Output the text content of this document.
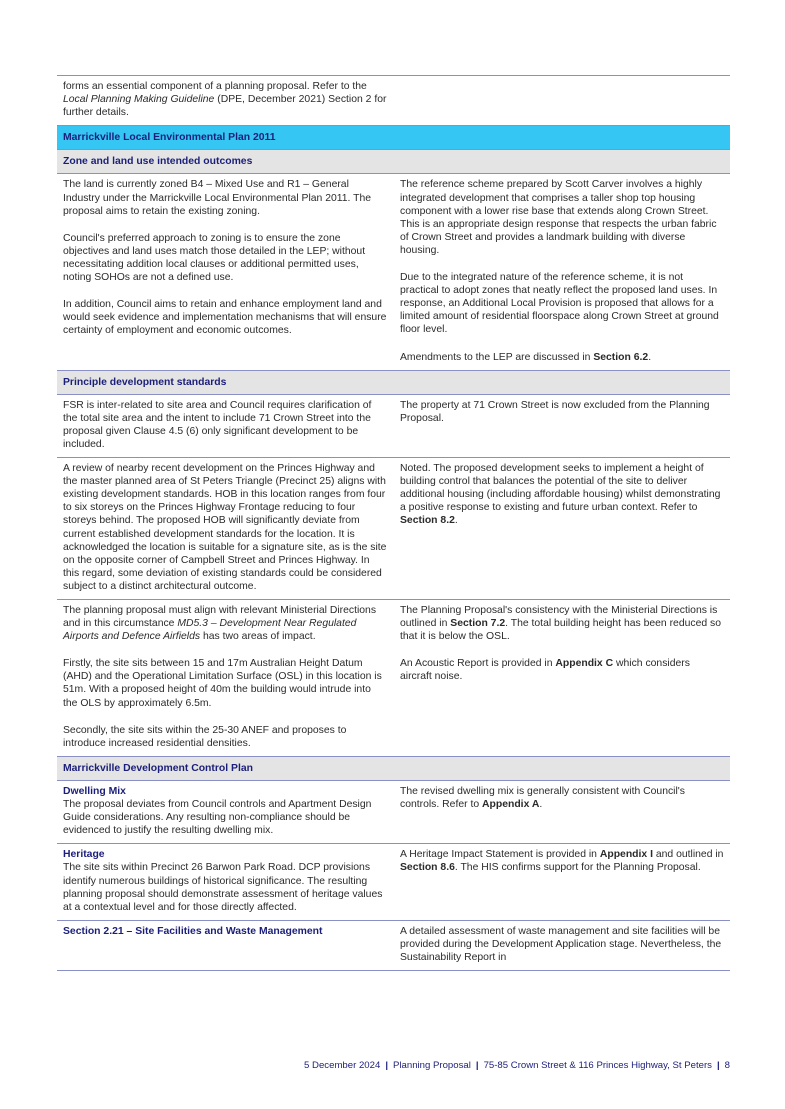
forms an essential component of a planning proposal. Refer to the Local Planning Making Guideline (DPE, December 2021) Section 2 for further details.

Marrickville Local Environmental Plan 2011
Zone and land use intended outcomes

The land is currently zoned B4 – Mixed Use and R1 – General Industry under the Marrickville Local Environmental Plan 2011. The proposal aims to retain the existing zoning.

Council's preferred approach to zoning is to ensure the zone objectives and land uses match those detailed in the LEP; without necessitating addition local clauses or additional permitted uses, noting SOHOs are not a defined use.

In addition, Council aims to retain and enhance employment land and would seek evidence and implementation mechanisms that will ensure certainty of employment and economic outcomes.

The reference scheme prepared by Scott Carver involves a highly integrated development that comprises a taller shop top housing component with a lower rise base that extends along Crown Street. This is an appropriate design response that respects the urban fabric of Crown Street and provides a landmark building with diverse housing.

Due to the integrated nature of the reference scheme, it is not practical to adopt zones that neatly reflect the proposed land uses. In response, an Additional Local Provision is proposed that allows for a limited amount of residential floorspace along Crown Street at ground floor level.

Amendments to the LEP are discussed in Section 6.2.

Principle development standards

FSR is inter-related to site area and Council requires clarification of the total site area and the intent to include 71 Crown Street into the proposal given Clause 4.5 (6) only significant development to be included.

The property at 71 Crown Street is now excluded from the Planning Proposal.

A review of nearby recent development on the Princes Highway and the master planned area of St Peters Triangle (Precinct 25) aligns with existing development standards. HOB in this location ranges from four to six storeys on the Princes Highway Frontage reducing to four storeys behind. The proposed HOB will significantly deviate from current established development standards for the location. It is acknowledged the location is suitable for a signature site, as is the site on the opposite corner of Campbell Street and Princes Highway. In this regard, some deviation of existing standards could be considered subject to a distinct architectural outcome.

Noted. The proposed development seeks to implement a height of building control that balances the potential of the site to deliver additional housing (including affordable housing) whilst demonstrating a positive response to existing and future urban context. Refer to Section 8.2.

The planning proposal must align with relevant Ministerial Directions and in this circumstance MD5.3 – Development Near Regulated Airports and Defence Airfields has two areas of impact.

Firstly, the site sits between 15 and 17m Australian Height Datum (AHD) and the Operational Limitation Surface (OSL) in this location is 51m. With a proposed height of 40m the building would intrude into the OLS by approximately 6.5m.

Secondly, the site sits within the 25-30 ANEF and proposes to introduce increased residential densities.

The Planning Proposal's consistency with the Ministerial Directions is outlined in Section 7.2. The total building height has been reduced so that it is below the OSL.

An Acoustic Report is provided in Appendix C which considers aircraft noise.

Marrickville Development Control Plan
Dwelling Mix

The proposal deviates from Council controls and Apartment Design Guide considerations. Any resulting non-compliance should be evidenced to justify the resulting dwelling mix.

The revised dwelling mix is generally consistent with Council's controls. Refer to Appendix A.

Heritage

The site sits within Precinct 26 Barwon Park Road. DCP provisions identify numerous buildings of historical significance. The resulting planning proposal should demonstrate assessment of heritage values at a contextual level and for those directly affected.

A Heritage Impact Statement is provided in Appendix I and outlined in Section 8.6. The HIS confirms support for the Planning Proposal.

Section 2.21 – Site Facilities and Waste Management	A detailed assessment of waste management and site facilities will be provided during the Development Application stage. Nevertheless, the Sustainability Report in

5 December 2024 | Planning Proposal | 75-85 Crown Street & 116 Princes Highway, St Peters | 8
